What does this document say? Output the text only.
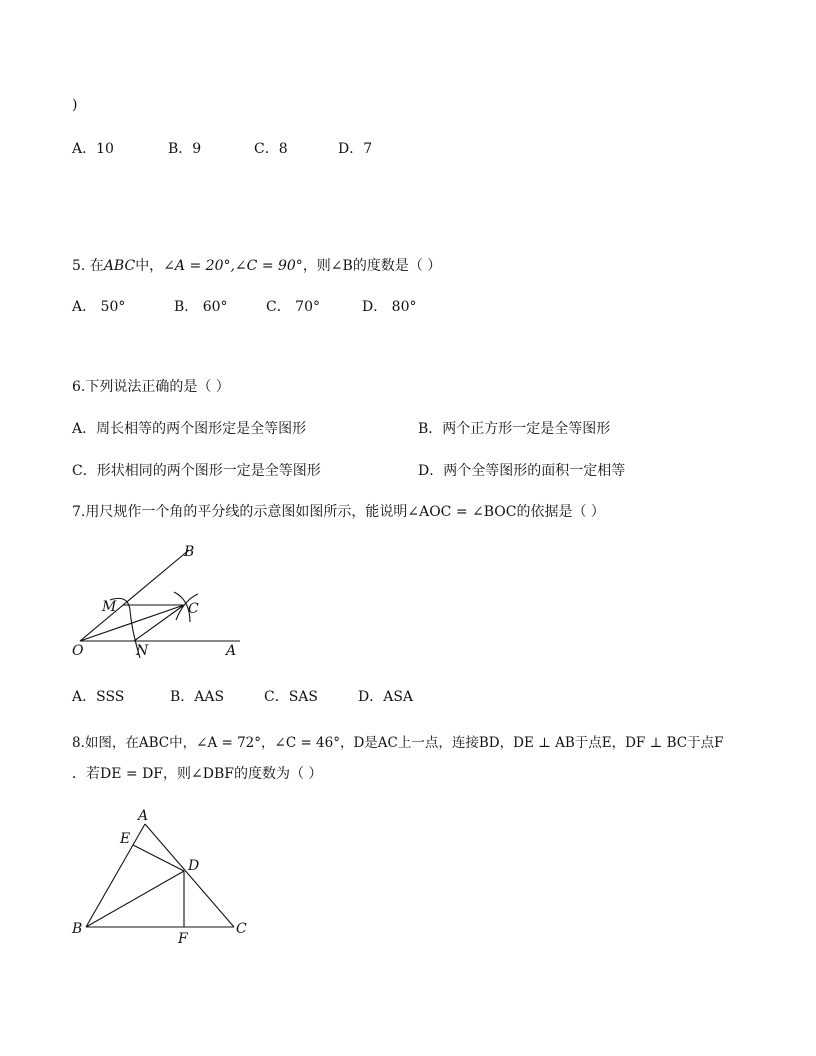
)
A．10	B．9	C．8	D．7
5. 在ABC中，∠A = 20°,∠C = 90°，则∠B的度数是（ ）
A． 50°	B． 60°	C． 70°	D． 80°
6.下列说法正确的是（ ）
A．周长相等的两个图形定是全等图形	B．两个正方形一定是全等图形
C．形状相同的两个图形一定是全等图形	D．两个全等图形的面积一定相等
7.用尺规作一个角的平分线的示意图如图所示，能说明∠AOC = ∠BOC的依据是（ ）
B
M	C
O	N	A
A．SSS	B．AAS	C．SAS	D．ASA
8.如图，在ABC中，∠A = 72°，∠C = 46°，D是AC上一点，连接BD，DE ⊥ AB于点E，DF ⊥ BC于点F
．若DE = DF，则∠DBF的度数为（ ）
A
E
D
B
F
C
